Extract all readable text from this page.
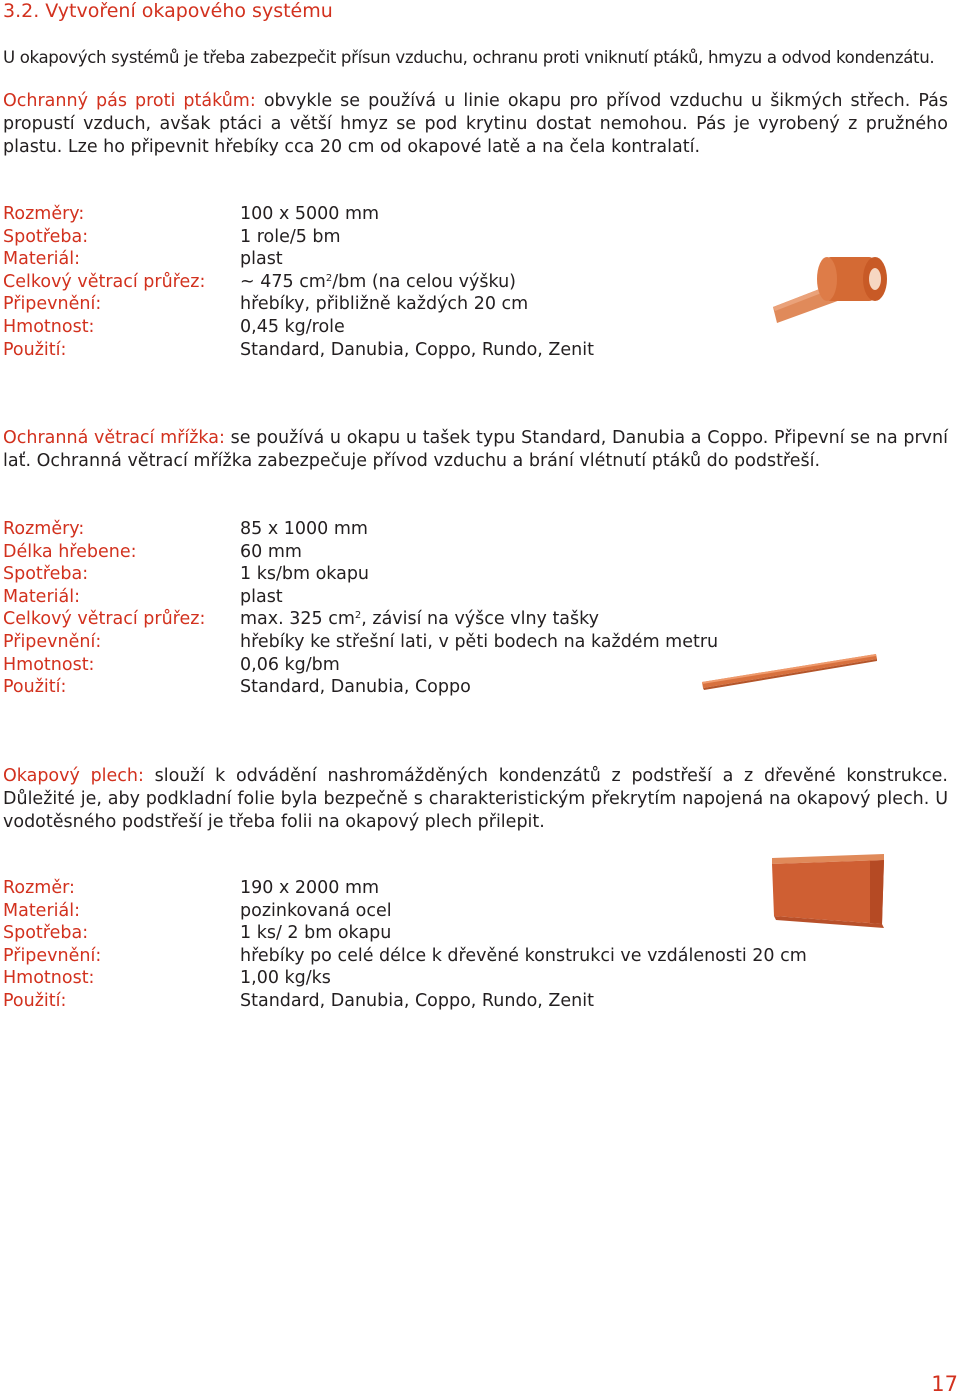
3.2. Vytvoření okapového systému

U okapových systémů je třeba zabezpečit přísun vzduchu, ochranu proti vniknutí ptáků, hmyzu a odvod kondenzátu.

Ochranný pás proti ptákům: obvykle se používá u linie okapu pro přívod vzduchu u šikmých střech. Pás propustí vzduch, avšak ptáci a větší hmyz se pod krytinu dostat nemohou. Pás je vyrobený z pružného plastu. Lze ho připevnit hřebíky cca 20 cm od okapové latě a na čela kontralatí.

Rozměry:
Spotřeba:
Materiál:
Celkový větrací průřez:
Připevnění:
Hmotnost:
Použití:
100 x 5000 mm
1 role/5 bm
plast
~ 475 $cm^2/bm$ (na celou výšku)
hřebíky, přibližně každých 20 cm
0,45 kg/role
Standard, Danubia, Coppo, Rundo, Zenit

Ochranná větrací mřížka: se používá u okapu u tašek typu Standard, Danubia a Coppo. Připevní se na první lať. Ochranná větrací mřížka zabezpečuje přívod vzduchu a brání vlétnutí ptáků do podstřeší.

Rozměry:
Délka hřebene:
Spotřeba:
Materiál:
Celkový větrací průřez:
Připevnění:
Hmotnost:
Použití:
85 x 1000 mm
60 mm
1 ks/bm okapu
plast
max. 325 $cm^2$, závisí na výšce vlny tašky
hřebíky ke střešní lati, v pěti bodech na každém metru
0,06 kg/bm
Standard, Danubia, Coppo

Okapový plech: slouží k odvádění nashromážděných kondenzátů z podstřeší a z dřevěné konstrukce. Důležité je, aby podkladní folie byla bezpečně s charakteristickým překrytím napojená na okapový plech. U vodotěsného podstřeší je třeba folii na okapový plech přilepit.

Rozměr:
Materiál:
Spotřeba:
Připevnění:
Hmotnost:
Použití:
190 x 2000 mm
pozinkovaná ocel
1 ks/ 2 bm okapu
hřebíky po celé délce k dřevěné konstrukci ve vzdálenosti 20 cm
1,00 kg/ks
Standard, Danubia, Coppo, Rundo, Zenit
17
